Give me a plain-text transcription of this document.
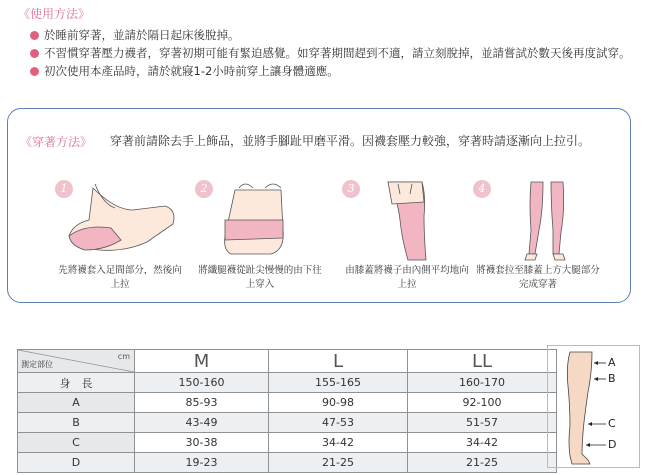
《使用方法》
於睡前穿著，並請於隔日起床後脫掉。
不習慣穿著壓力襪者，穿著初期可能有緊迫感覺。如穿著期間趕到不適，請立刻脫掉，並請嘗試於數天後再度試穿。
初次使用本產品時，請於就寢1-2小時前穿上讓身體適應。
《穿著方法》 穿著前請除去手上飾品，並將手腳趾甲磨平滑。因襪套壓力較強，穿著時請逐漸向上拉引。
1
先將襪套入足間部分，然後向上拉
2
將纖腿襪從趾尖慢慢的由下往上穿入
3
由膝蓋將襪子由內側平均地向上拉
4
將襪套拉至膝蓋上方大腿部分完成穿著
cm
測定部位	M	L	LL
身　長	150-160	155-165	160-170
A	85-93	90-98	92-100
B	43-49	47-53	51-57
C	30-38	34-42	34-42
D	19-23	21-25	21-25
A
B
C
D
